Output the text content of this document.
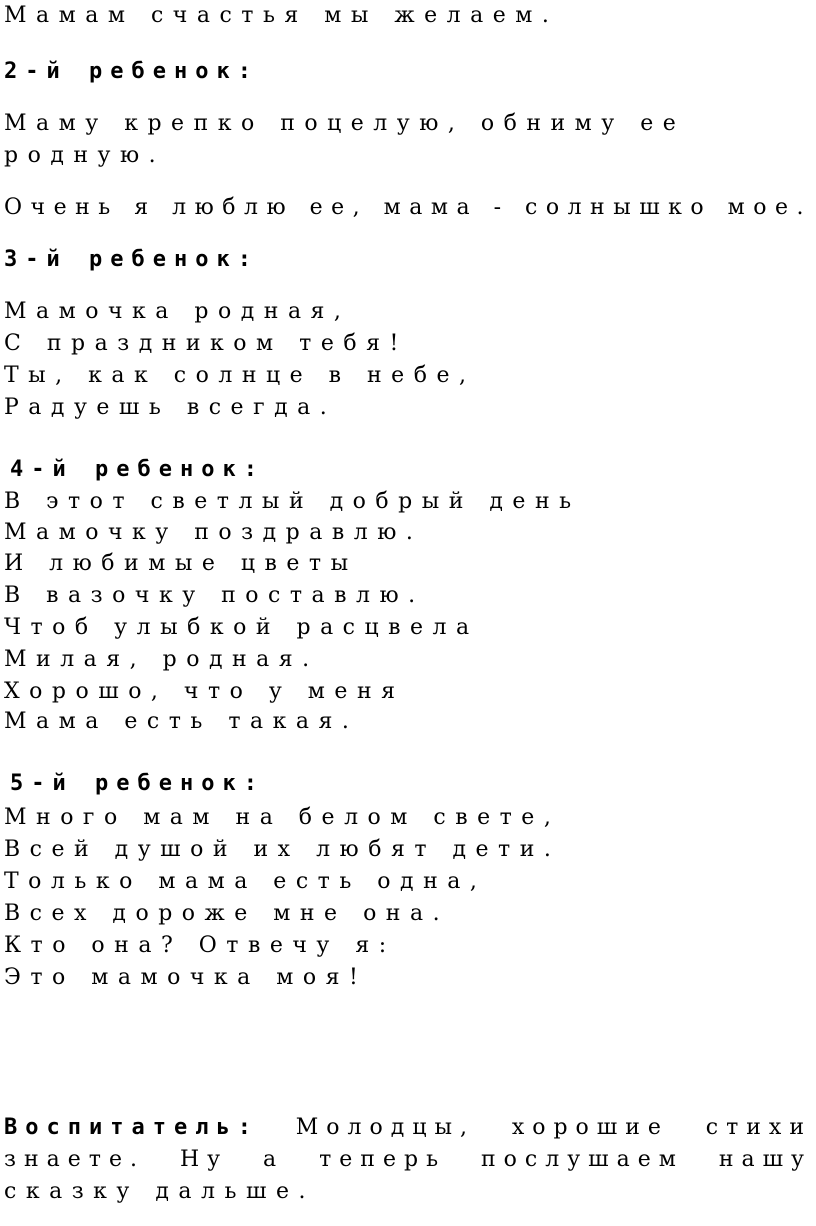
Мамам счастья мы желаем.
2-й ребенок:
Маму крепко поцелую, обниму ее
родную.
Очень я люблю ее, мама - солнышко мое.
3-й ребенок:
Мамочка родная,
С праздником тебя!
Ты, как солнце в небе,
Радуешь всегда.
4-й ребенок:
В этот светлый добрый день
Мамочку поздравлю.
И любимые цветы
В вазочку поставлю.
Чтоб улыбкой расцвела
Милая, родная.
Хорошо, что у меня
Мама есть такая.
5-й ребенок:
Много мам на белом свете,
Всей душой их любят дети.
Только мама есть одна,
Всех дороже мне она.
Кто она? Отвечу я:
Это мамочка моя!
Воспитатель: Молодцы, хорошие стихи
знаете. Ну а теперь послушаем нашу
сказку дальше.
